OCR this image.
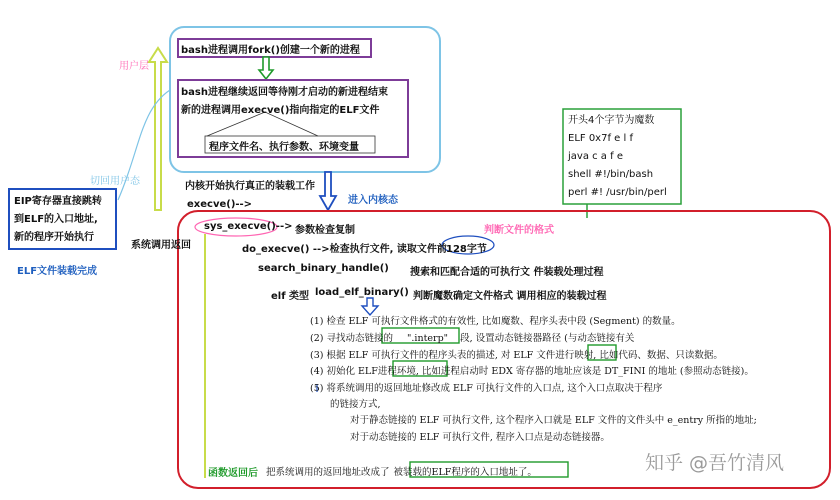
用户层
切回用户态
EIP寄存器直接跳转
到ELF的入口地址,
新的程序开始执行
ELF文件装载完成
系统调用返回
bash进程调用fork()创建一个新的进程
bash进程继续返回等待刚才启动的新进程结束
新的进程调用execve()指向指定的ELF文件
程序文件名、执行参数、环境变量
内核开始执行真正的装载工作
进入内核态
execve()-->
开头4个字节为魔数
ELF 0x7f e l f
java c a f e
shell #!/bin/bash
perl #! /usr/bin/perl
判断文件的格式
sys_execve()--> 参数检查复制
do_execve() -->检查执行文件, 读取文件前 128字节
search_binary_handle() 搜索和匹配合适的可执行文 件装载处理过程
elf 类型 load_elf_binary() 判断魔数确定文件格式 调用相应的装载过程
(1) 检查 ELF 可执行文件格式的有效性, 比如魔数、程序头表中段 (Segment) 的数量。
(2) 寻找动态链接的 ".interp" 段, 设置动态链接器路径 (与动态链接有关
(3) 根据 ELF 可执行文件的程序头表的描述, 对 ELF 文件进行映射, 比如代码、数据、只读数据。
(4) 初始化 ELF进程环境, 比如进程启动时 EDX 寄存器的地址应该是 DT_FINI 的地址 (参照动态链接)。
(5) 将系统调用的返回地址修改成 ELF 可执行文件的入口点, 这个入口点取决于程序
的链接方式,
对于静态链接的 ELF 可执行文件, 这个程序入口就是 ELF 文件的文件头中 e_entry 所指的地址;
对于动态链接的 ELF 可执行文件, 程序入口点是动态链接器。
函数返回后 把系统调用的返回地址改成了 被装载的ELF程序的入口地址了。	知乎 @吾竹清风
